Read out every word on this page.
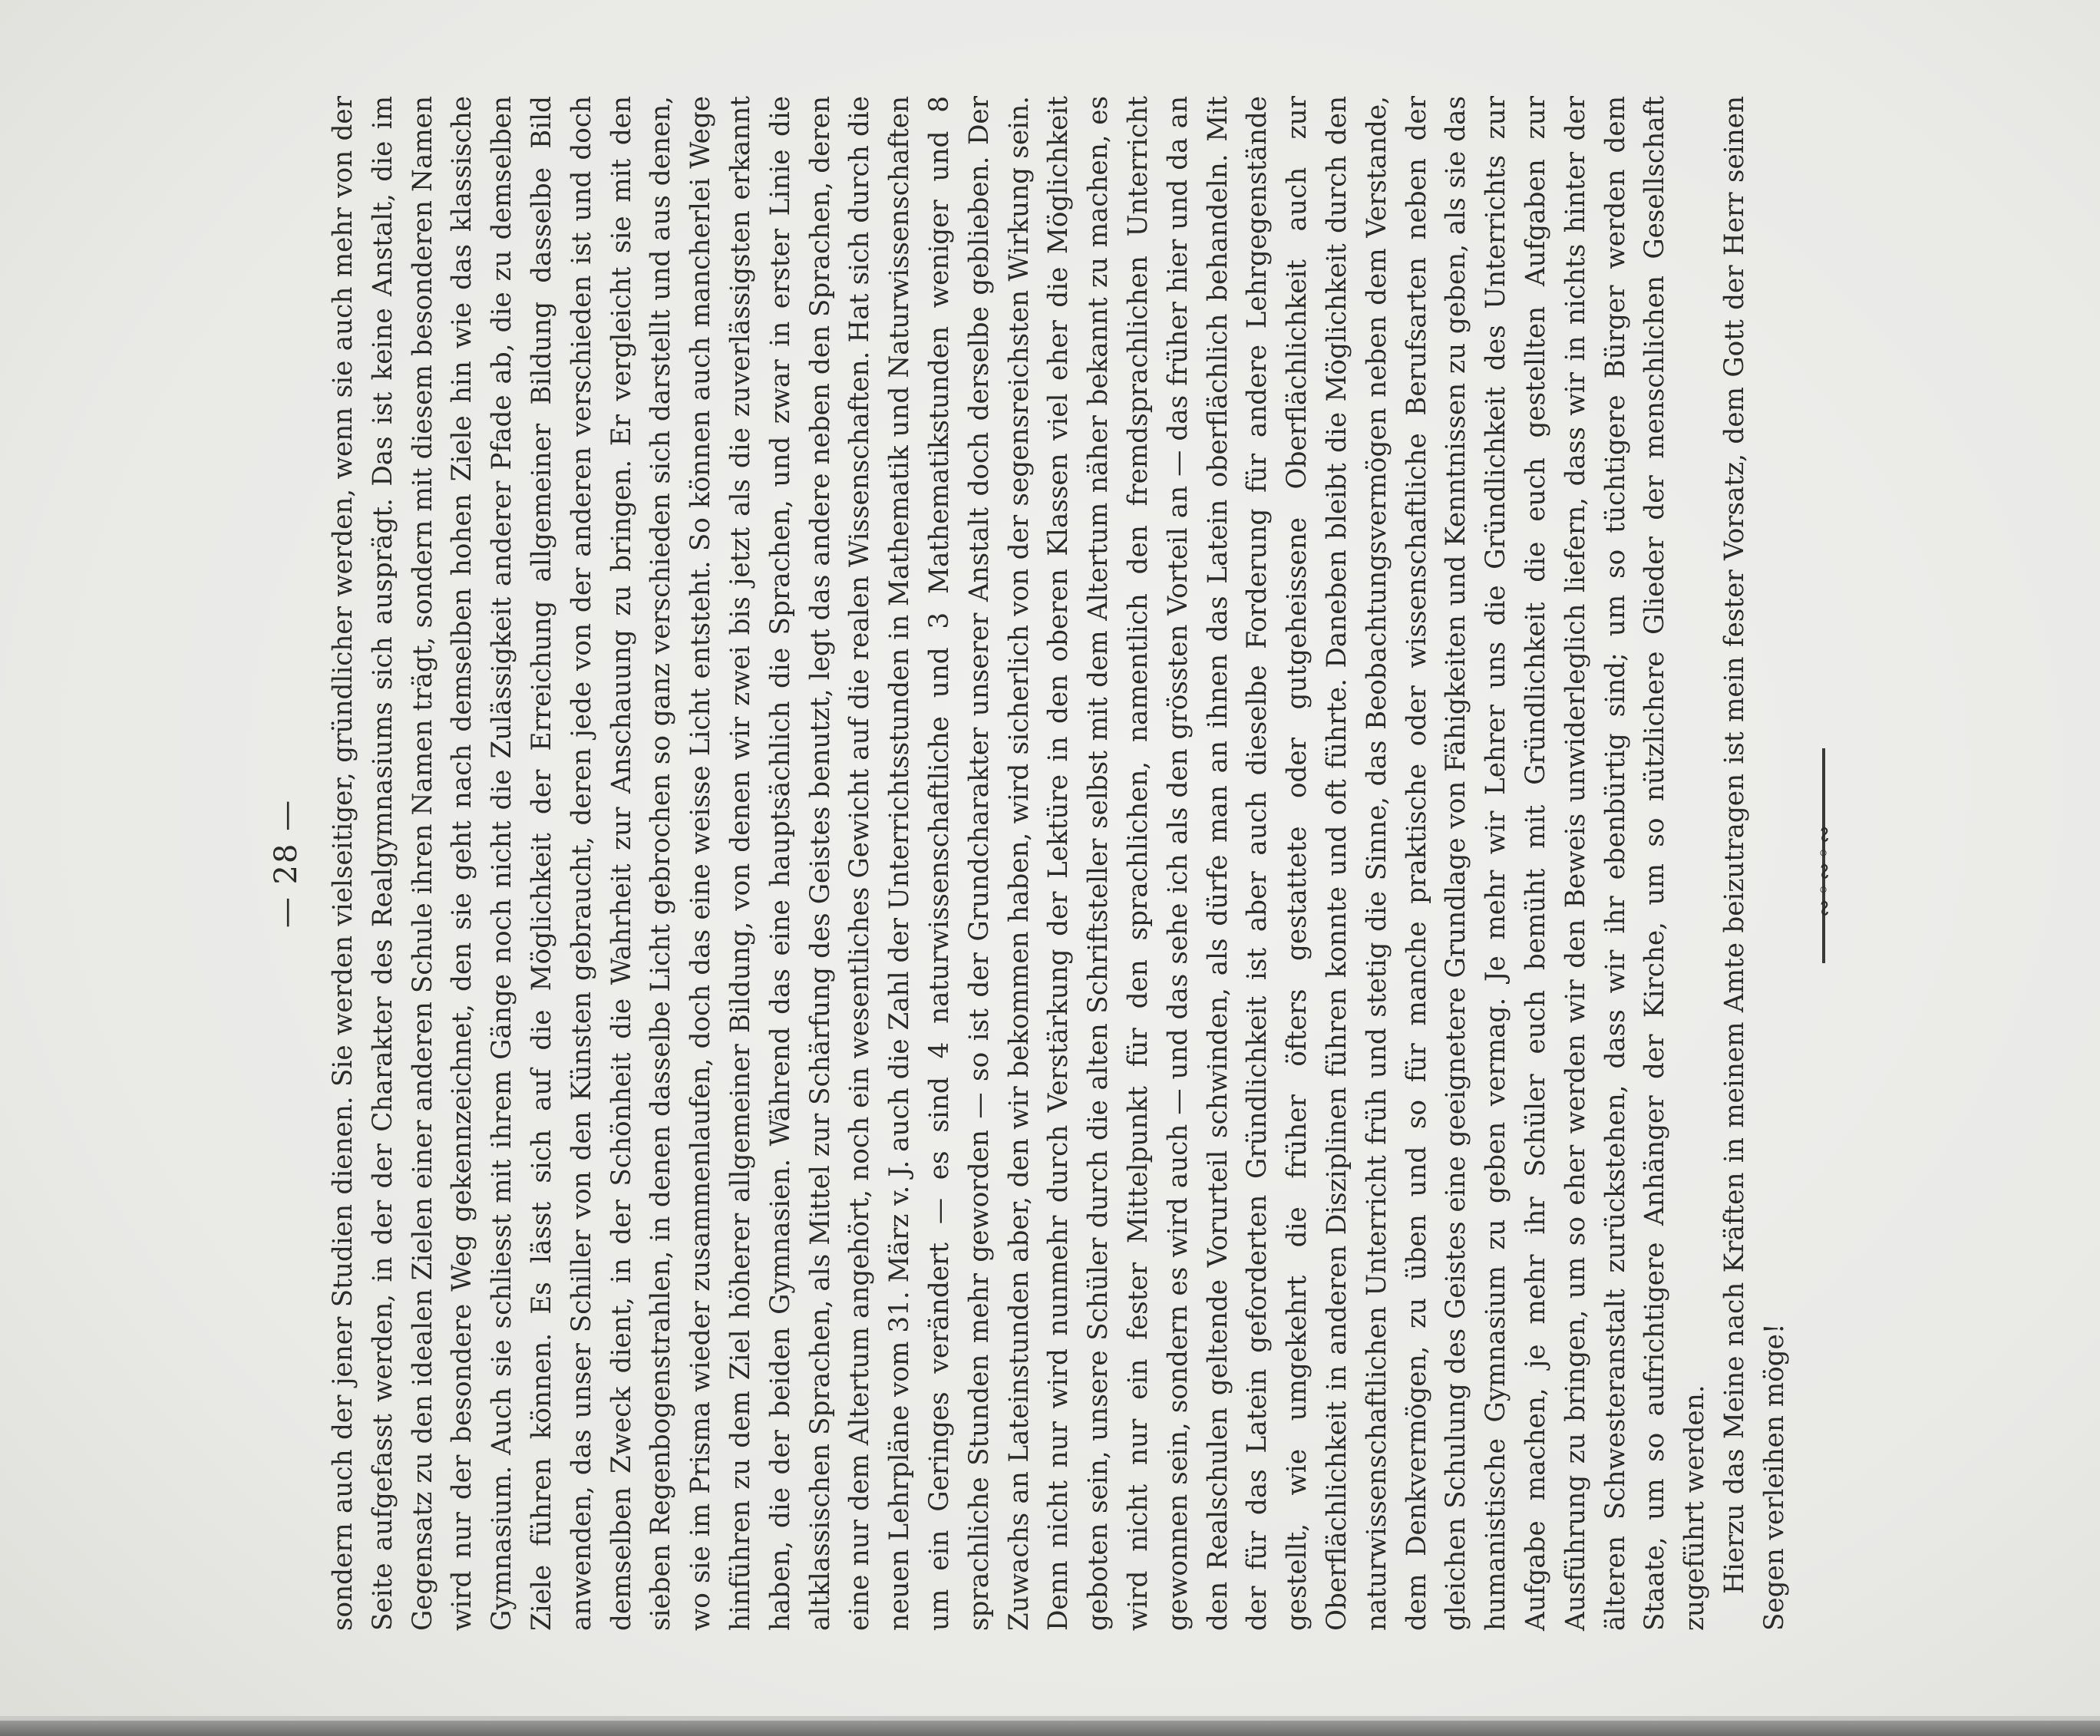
— 28 — sondern auch der jener Studien dienen. Sie werden vielseitiger, gründlicher werden, wenn sie auch mehr von der Seite aufgefasst werden, in der der Charakter des Realgymnasiums sich ausprägt. Das ist keine Anstalt, die im Gegensatz zu den idealen Zielen einer anderen Schule ihren Namen trägt, sondern mit diesem besonderen Namen wird nur der besondere Weg gekennzeichnet, den sie geht nach demselben hohen Ziele hin wie das klassische Gymnasium. Auch sie schliesst mit ihrem Gänge noch nicht die Zulässigkeit anderer Pfade ab, die zu demselben Ziele führen können. Es lässt sich auf die Möglichkeit der Erreichung allgemeiner Bildung dasselbe Bild anwenden, das unser Schiller von den Künsten gebraucht, deren jede von der anderen verschieden ist und doch demselben Zweck dient, in der Schönheit die Wahrheit zur Anschauung zu bringen. Er vergleicht sie mit den sieben Regenbogenstrahlen, in denen dasselbe Licht gebrochen so ganz verschieden sich darstellt und aus denen, wo sie im Prisma wieder zusammenlaufen, doch das eine weisse Licht entsteht. So können auch mancherlei Wege hinführen zu dem Ziel höherer allgemeiner Bildung, von denen wir zwei bis jetzt als die zuverlässigsten erkannt haben, die der beiden Gymnasien. Während das eine hauptsächlich die Sprachen, und zwar in erster Linie die altklassischen Sprachen, als Mittel zur Schärfung des Geistes benutzt, legt das andere neben den Sprachen, deren eine nur dem Altertum angehört, noch ein wesentliches Gewicht auf die realen Wissenschaften. Hat sich durch die neuen Lehrpläne vom 31. März v. J. auch die Zahl der Unterrichtsstunden in Mathematik und Naturwissenschaften um ein Geringes verändert — es sind 4 naturwissenschaftliche und 3 Mathematikstunden weniger und 8 sprachliche Stunden mehr geworden — so ist der Grundcharakter unserer Anstalt doch derselbe geblieben. Der Zuwachs an Lateinstunden aber, den wir bekommen haben, wird sicherlich von der segensreichsten Wirkung sein. Denn nicht nur wird nunmehr durch Verstärkung der Lektüre in den oberen Klassen viel eher die Möglichkeit geboten sein, unsere Schüler durch die alten Schriftsteller selbst mit dem Altertum näher bekannt zu machen, es wird nicht nur ein fester Mittelpunkt für den sprachlichen, namentlich den fremdsprachlichen Unterricht gewonnen sein, sondern es wird auch — und das sehe ich als den grössten Vorteil an — das früher hier und da an den Realschulen geltende Vorurteil schwinden, als dürfe man an ihnen das Latein oberflächlich behandeln. Mit der für das Latein geforderten Gründlichkeit ist aber auch dieselbe Forderung für andere Lehrgegenstände gestellt, wie umgekehrt die früher öfters gestattete oder gutgeheissene Oberflächlichkeit auch zur Oberflächlichkeit in anderen Disziplinen führen konnte und oft führte. Daneben bleibt die Möglichkeit durch den naturwissenschaftlichen Unterricht früh und stetig die Sinne, das Beobachtungsvermögen neben dem Verstande, dem Denkvermögen, zu üben und so für manche praktische oder wissenschaftliche Berufsarten neben der gleichen Schulung des Geistes eine geeignetere Grundlage von Fähigkeiten und Kenntnissen zu geben, als sie das humanistische Gymnasium zu geben vermag. Je mehr wir Lehrer uns die Gründlichkeit des Unterrichts zur Aufgabe machen, je mehr ihr Schüler euch bemüht mit Gründlichkeit die euch gestellten Aufgaben zur Ausführung zu bringen, um so eher werden wir den Beweis unwiderleglich liefern, dass wir in nichts hinter der älteren Schwesteranstalt zurückstehen, dass wir ihr ebenbürtig sind; um so tüchtigere Bürger werden dem Staate, um so aufrichtigere Anhänger der Kirche, um so nützlichere Glieder der menschlichen Gesellschaft zugeführt werden. Hierzu das Meine nach Kräften in meinem Amte beizutragen ist mein fester Vorsatz, dem Gott der Herr seinen Segen verleihen möge!

∾◦∾◦∾
